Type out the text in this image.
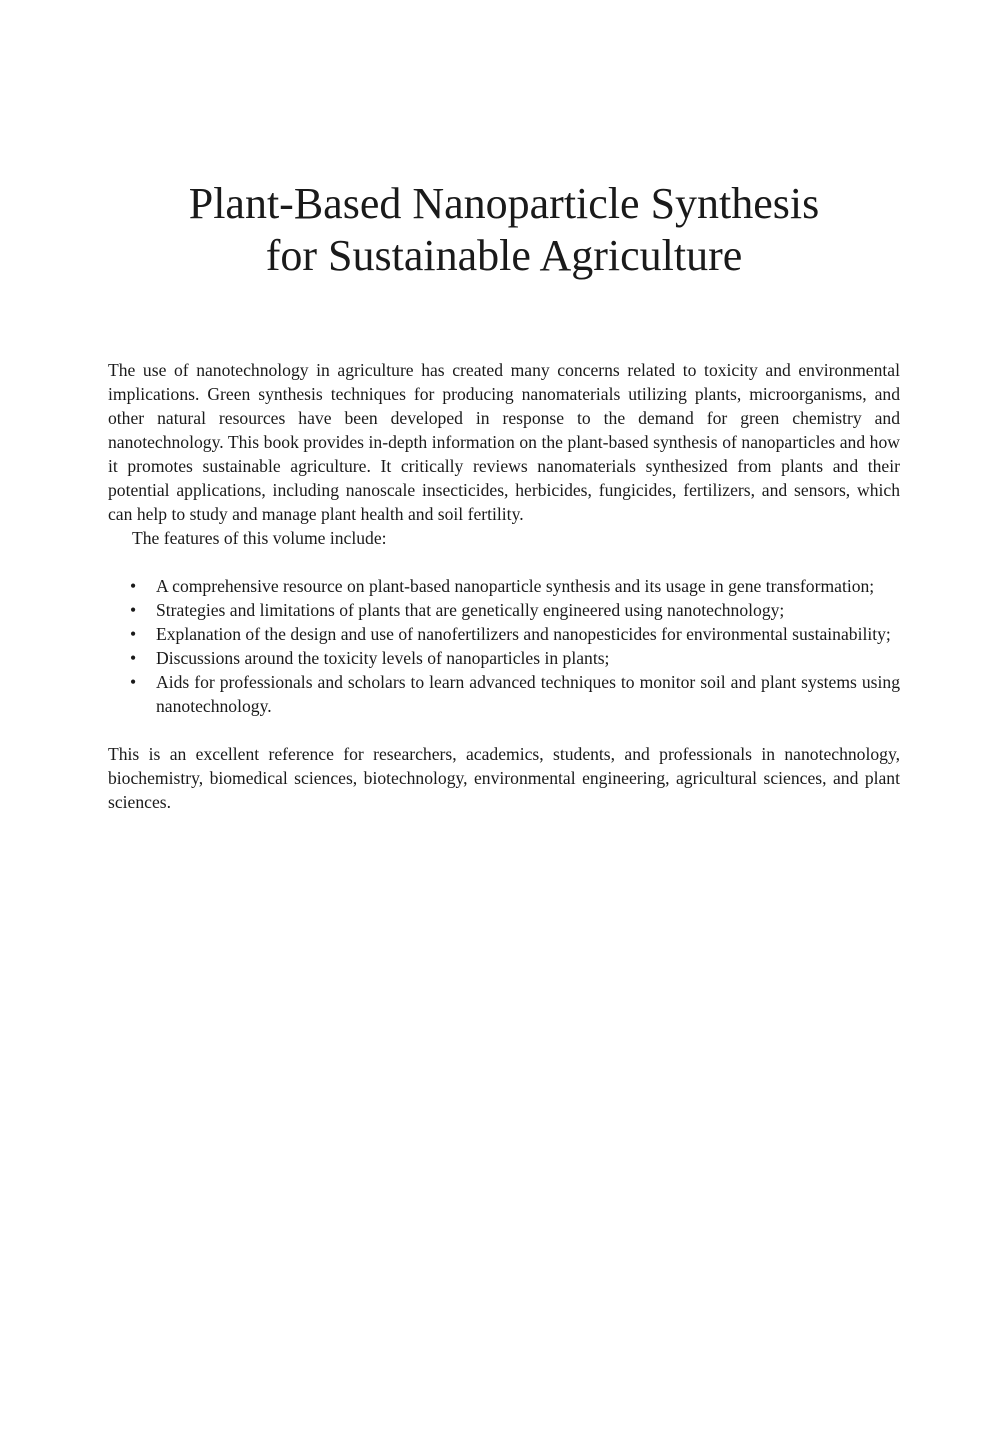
Plant-Based Nanoparticle Synthesis
for Sustainable Agriculture

The use of nanotechnology in agriculture has created many concerns related to toxicity and environmental implications. Green synthesis techniques for producing nanomaterials utilizing plants, microorganisms, and other natural resources have been developed in response to the demand for green chemistry and nanotechnology. This book provides in-depth information on the plant-based synthesis of nanoparticles and how it promotes sustainable agriculture. It critically reviews nanomaterials synthesized from plants and their potential applications, including nanoscale insecticides, herbicides, fungicides, fertilizers, and sensors, which can help to study and manage plant health and soil fertility.

The features of this volume include:

• A comprehensive resource on plant-based nanoparticle synthesis and its usage in gene transformation;
• Strategies and limitations of plants that are genetically engineered using nanotechnology;
• Explanation of the design and use of nanofertilizers and nanopesticides for environmental sustainability;
• Discussions around the toxicity levels of nanoparticles in plants;
• Aids for professionals and scholars to learn advanced techniques to monitor soil and plant systems using nanotechnology.

This is an excellent reference for researchers, academics, students, and professionals in nanotechnology, biochemistry, biomedical sciences, biotechnology, environmental engineering, agricultural sciences, and plant sciences.
